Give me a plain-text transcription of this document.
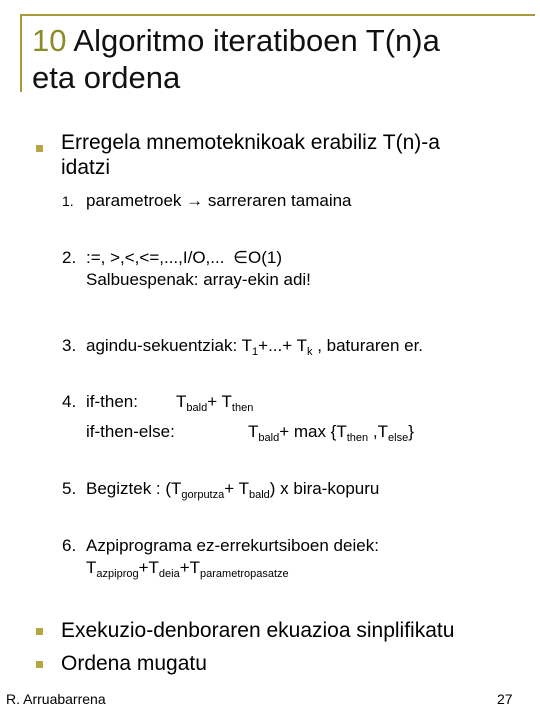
10 Algoritmo iteratiboen T(n)a
eta ordena
Erregela mnemoteknikoak erabiliz T(n)-a
idatzi
1. parametroek → sarreraren tamaina
2. :=, >,<,<=,...,I/O,... ∈O(1)
Salbuespenak: array-ekin adi!
3. agindu-sekuentziak: $T_1+...+ T_k$ , baturaren er.
4. if-then: $T_{bald}+ T_{then}$
if-then-else:	$T_{bald}+ \max \{T_{then}$ $,T_{else}$}
5. Begiztek : $(T_{gorputza}+ T_{bald})$ x bira-kopuru
6. Azpiprograma ez-errekurtsiboen deiek:
$T_{azpiprog}+T_{deia}+T_{parametropasatze}$
Exekuzio-denboraren ekuazioa sinplifikatu
Ordena mugatu
R. Arruabarrena	27
